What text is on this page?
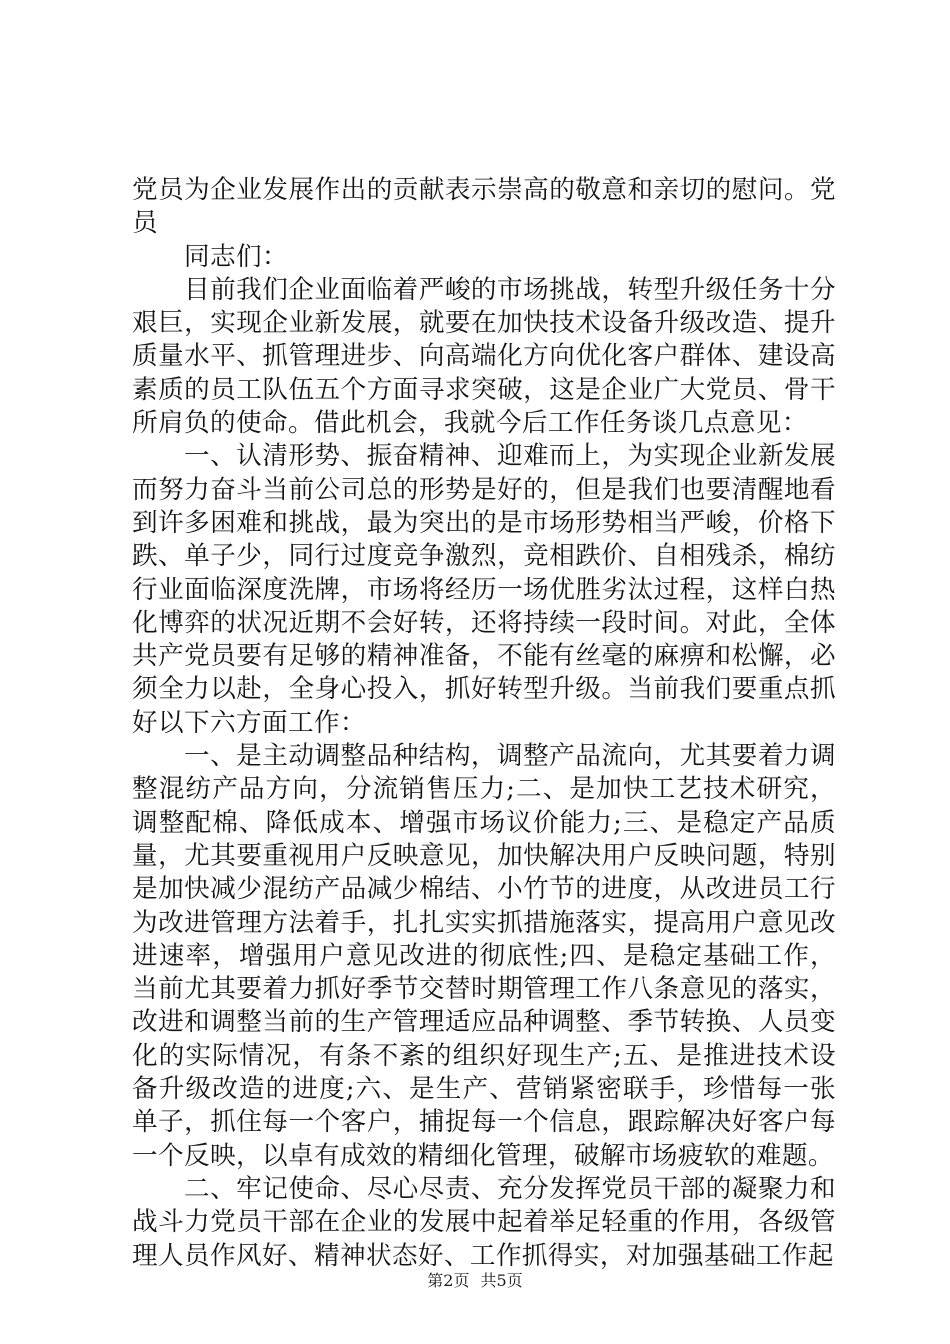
党员为企业发展作出的贡献表示崇高的敬意和亲切的慰问。党员

同志们：

目前我们企业面临着严峻的市场挑战，转型升级任务十分艰巨，实现企业新发展，就要在加快技术设备升级改造、提升质量水平、抓管理进步、向高端化方向优化客户群体、建设高素质的员工队伍五个方面寻求突破，这是企业广大党员、骨干所肩负的使命。借此机会，我就今后工作任务谈几点意见：

一、认清形势、振奋精神、迎难而上，为实现企业新发展而努力奋斗当前公司总的形势是好的，但是我们也要清醒地看到许多困难和挑战，最为突出的是市场形势相当严峻，价格下跌、单子少，同行过度竞争激烈，竞相跌价、自相残杀，棉纺行业面临深度洗牌，市场将经历一场优胜劣汰过程，这样白热化博弈的状况近期不会好转，还将持续一段时间。对此，全体共产党员要有足够的精神准备，不能有丝毫的麻痹和松懈，必须全力以赴，全身心投入，抓好转型升级。当前我们要重点抓好以下六方面工作：

一、是主动调整品种结构，调整产品流向，尤其要着力调整混纺产品方向，分流销售压力;二、是加快工艺技术研究，调整配棉、降低成本、增强市场议价能力;三、是稳定产品质量，尤其要重视用户反映意见，加快解决用户反映问题，特别是加快减少混纺产品减少棉结、小竹节的进度，从改进员工行为改进管理方法着手，扎扎实实抓措施落实，提高用户意见改进速率，增强用户意见改进的彻底性;四、是稳定基础工作，当前尤其要着力抓好季节交替时期管理工作八条意见的落实，改进和调整当前的生产管理适应品种调整、季节转换、人员变化的实际情况，有条不紊的组织好现生产;五、是推进技术设备升级改造的进度;六、是生产、营销紧密联手，珍惜每一张单子，抓住每一个客户，捕捉每一个信息，跟踪解决好客户每一个反映，以卓有成效的精细化管理，破解市场疲软的难题。

二、牢记使命、尽心尽责、充分发挥党员干部的凝聚力和战斗力党员干部在企业的发展中起着举足轻重的作用，各级管理人员作风好、精神状态好、工作抓得实，对加强基础工作起

第2页 共5页
